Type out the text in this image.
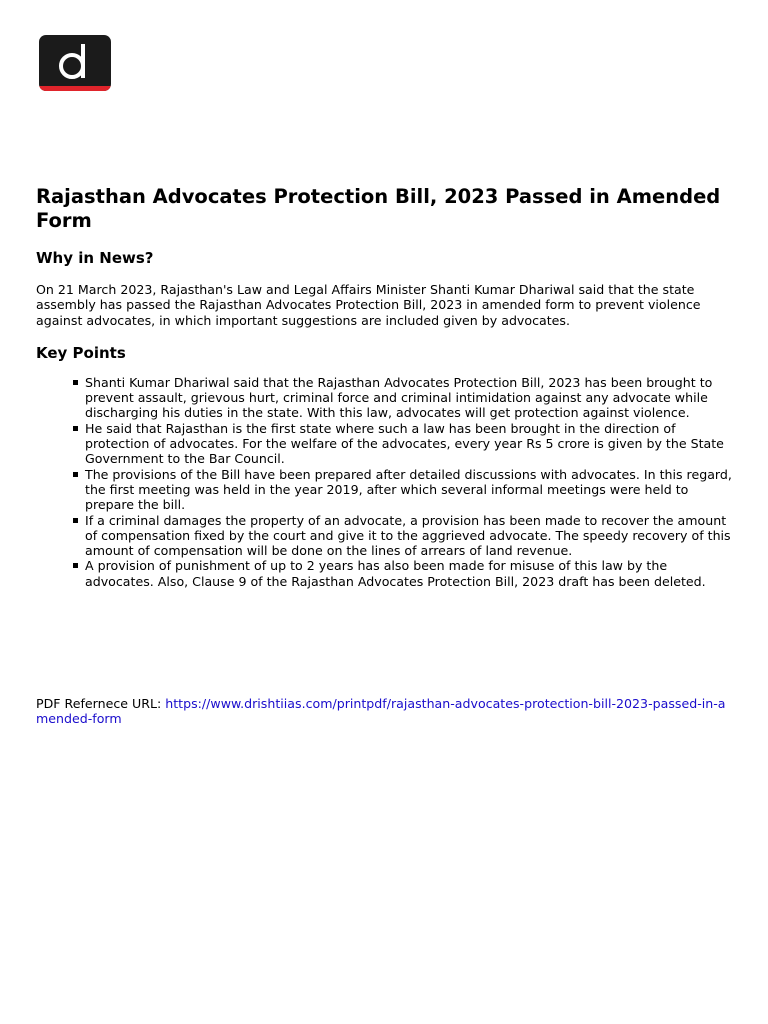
Rajasthan Advocates Protection Bill, 2023 Passed in Amended Form
Why in News?

On 21 March 2023, Rajasthan's Law and Legal Affairs Minister Shanti Kumar Dhariwal said that the state assembly has passed the Rajasthan Advocates Protection Bill, 2023 in amended form to prevent violence against advocates, in which important suggestions are included given by advocates.

Key Points
Shanti Kumar Dhariwal said that the Rajasthan Advocates Protection Bill, 2023 has been brought to prevent assault, grievous hurt, criminal force and criminal intimidation against any advocate while discharging his duties in the state. With this law, advocates will get protection against violence.
He said that Rajasthan is the first state where such a law has been brought in the direction of protection of advocates. For the welfare of the advocates, every year Rs 5 crore is given by the State Government to the Bar Council.
The provisions of the Bill have been prepared after detailed discussions with advocates. In this regard, the first meeting was held in the year 2019, after which several informal meetings were held to prepare the bill.
If a criminal damages the property of an advocate, a provision has been made to recover the amount of compensation fixed by the court and give it to the aggrieved advocate. The speedy recovery of this amount of compensation will be done on the lines of arrears of land revenue.
A provision of punishment of up to 2 years has also been made for misuse of this law by the advocates. Also, Clause 9 of the Rajasthan Advocates Protection Bill, 2023 draft has been deleted.
PDF Refernece URL: https://www.drishtiias.com/printpdf/rajasthan-advocates-protection-bill-2023-passed-in-amended-form
